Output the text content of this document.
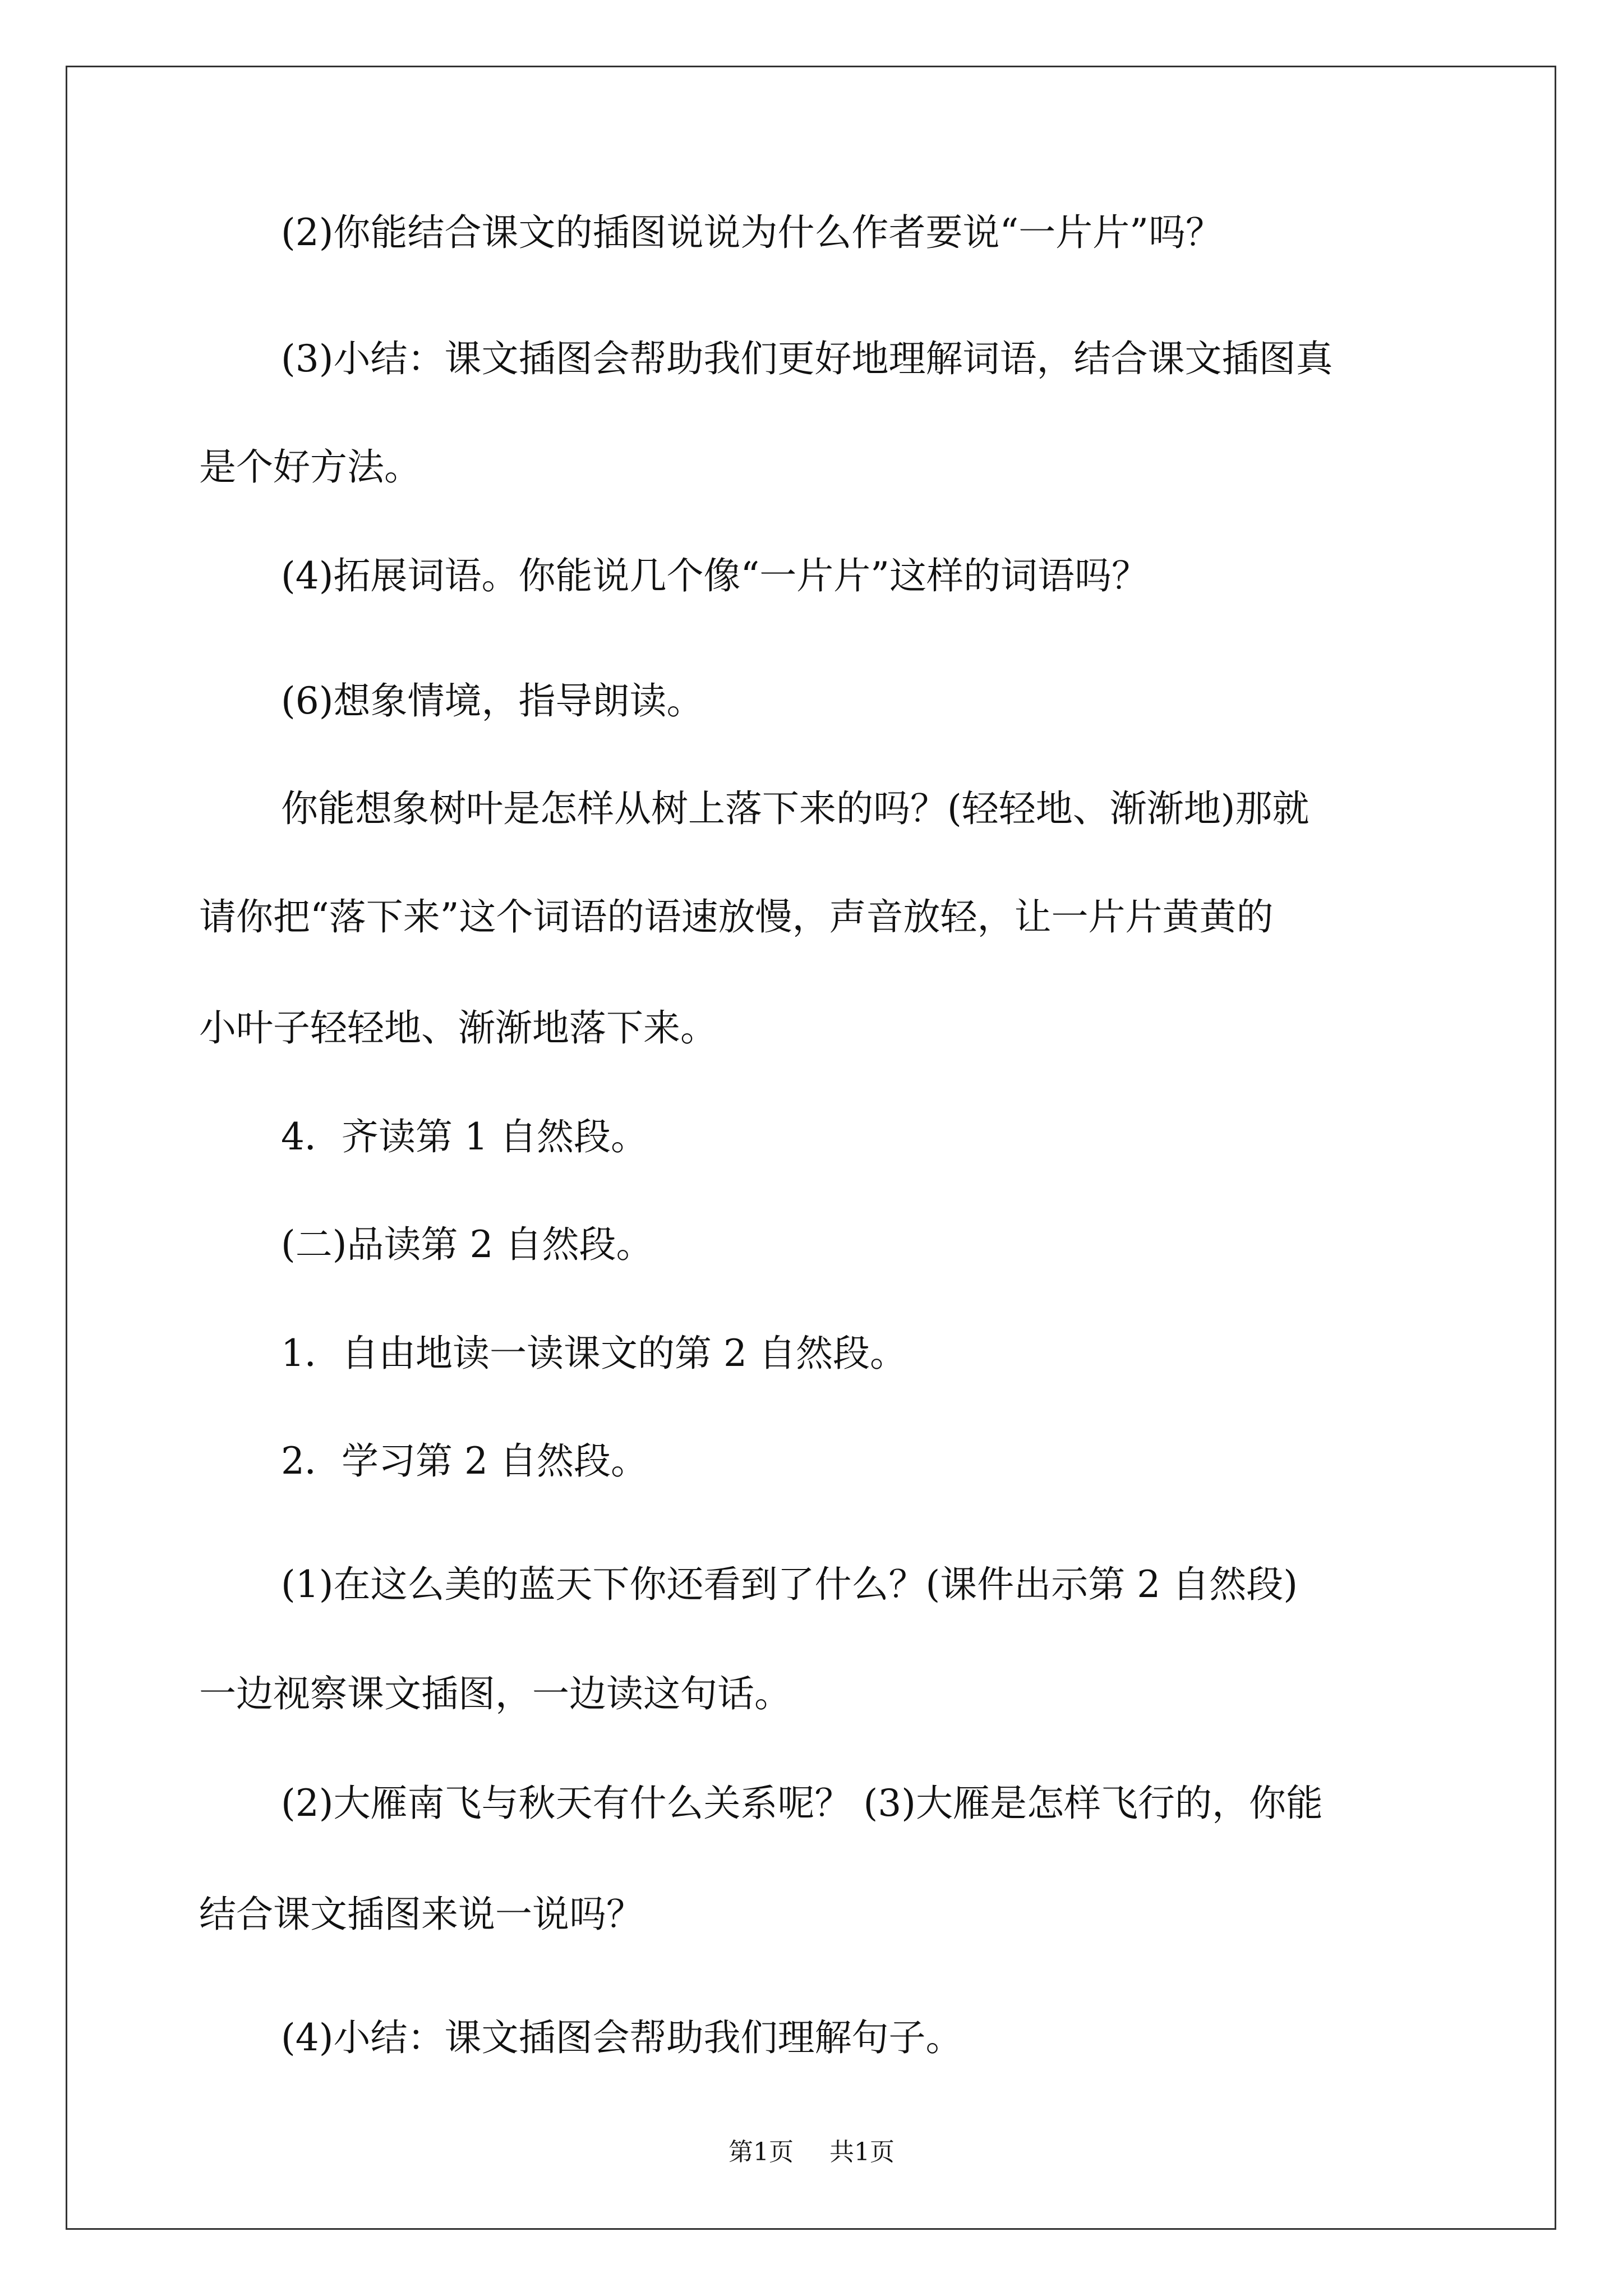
(2)你能结合课文的插图说说为什么作者要说“一片片”吗？
(3)小结：课文插图会帮助我们更好地理解词语，结合课文插图真
是个好方法。
(4)拓展词语。你能说几个像“一片片”这样的词语吗？
(6)想象情境，指导朗读。
你能想象树叶是怎样从树上落下来的吗？(轻轻地、渐渐地)那就
请你把“落下来”这个词语的语速放慢，声音放轻，让一片片黄黄的
小叶子轻轻地、渐渐地落下来。
4．齐读第 1 自然段。
(二)品读第 2 自然段。
1．自由地读一读课文的第 2 自然段。
2．学习第 2 自然段。
(1)在这么美的蓝天下你还看到了什么？(课件出示第 2 自然段)
一边视察课文插图，一边读这句话。
(2)大雁南飞与秋天有什么关系呢？ (3)大雁是怎样飞行的，你能
结合课文插图来说一说吗？
(4)小结：课文插图会帮助我们理解句子。
第1页 共1页
